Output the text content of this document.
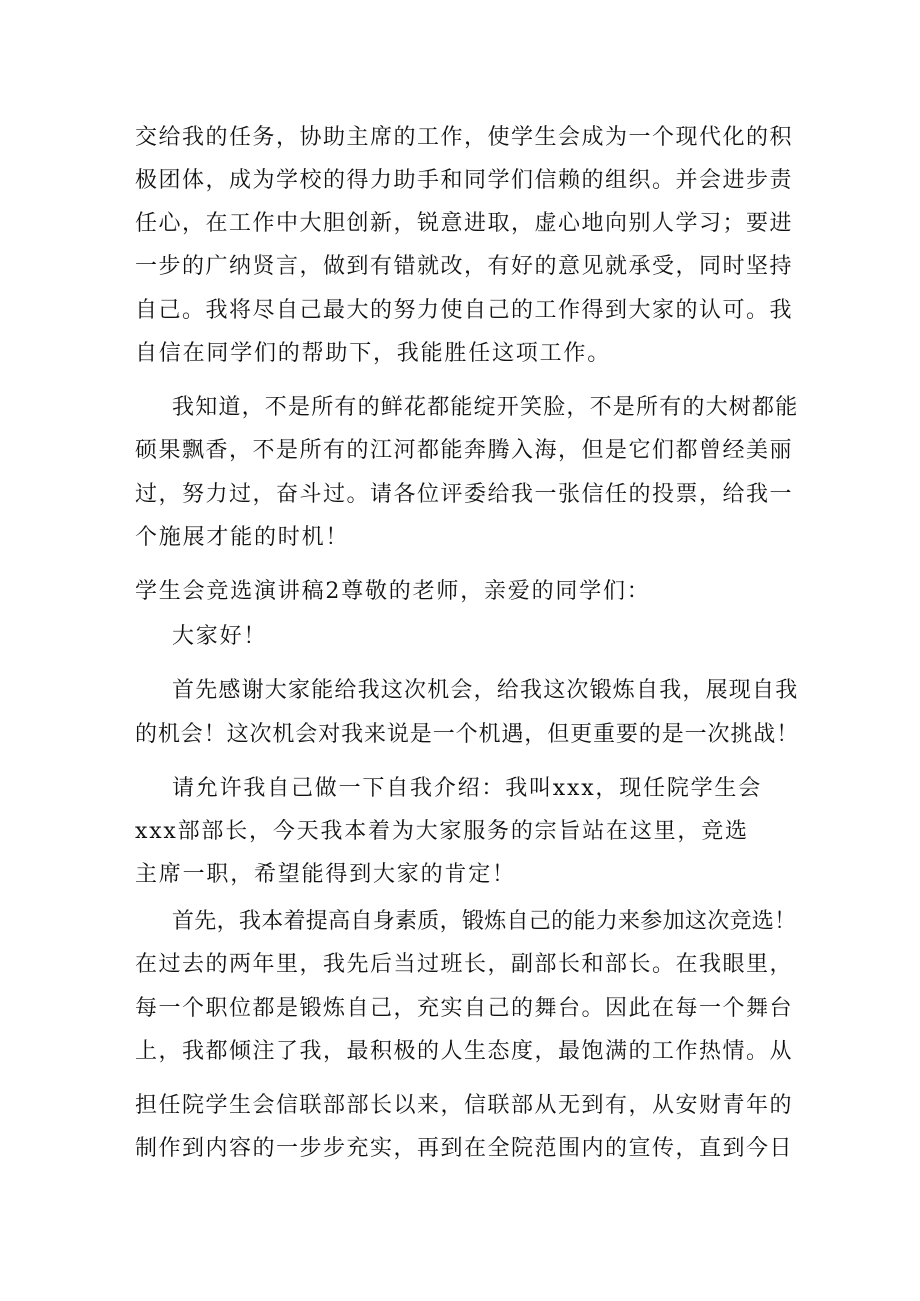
交给我的任务，协助主席的工作，使学生会成为一个现代化的积
极团体，成为学校的得力助手和同学们信赖的组织。并会进步责
任心，在工作中大胆创新，锐意进取，虚心地向别人学习；要进
一步的广纳贤言，做到有错就改，有好的意见就承受，同时坚持
自己。我将尽自己最大的努力使自己的工作得到大家的认可。我
自信在同学们的帮助下，我能胜任这项工作。
我知道，不是所有的鲜花都能绽开笑脸，不是所有的大树都能
硕果飘香，不是所有的江河都能奔腾入海，但是它们都曾经美丽
过，努力过，奋斗过。请各位评委给我一张信任的投票，给我一
个施展才能的时机！
学生会竞选演讲稿2尊敬的老师，亲爱的同学们：
大家好！
首先感谢大家能给我这次机会，给我这次锻炼自我，展现自我
的机会！这次机会对我来说是一个机遇，但更重要的是一次挑战！
请允许我自己做一下自我介绍：我叫xxx，现任院学生会
xxx部部长，今天我本着为大家服务的宗旨站在这里，竞选
主席一职，希望能得到大家的肯定！
首先，我本着提高自身素质，锻炼自己的能力来参加这次竞选！
在过去的两年里，我先后当过班长，副部长和部长。在我眼里，
每一个职位都是锻炼自己，充实自己的舞台。因此在每一个舞台
上，我都倾注了我，最积极的人生态度，最饱满的工作热情。从
担任院学生会信联部部长以来，信联部从无到有，从安财青年的
制作到内容的一步步充实，再到在全院范围内的宣传，直到今日
